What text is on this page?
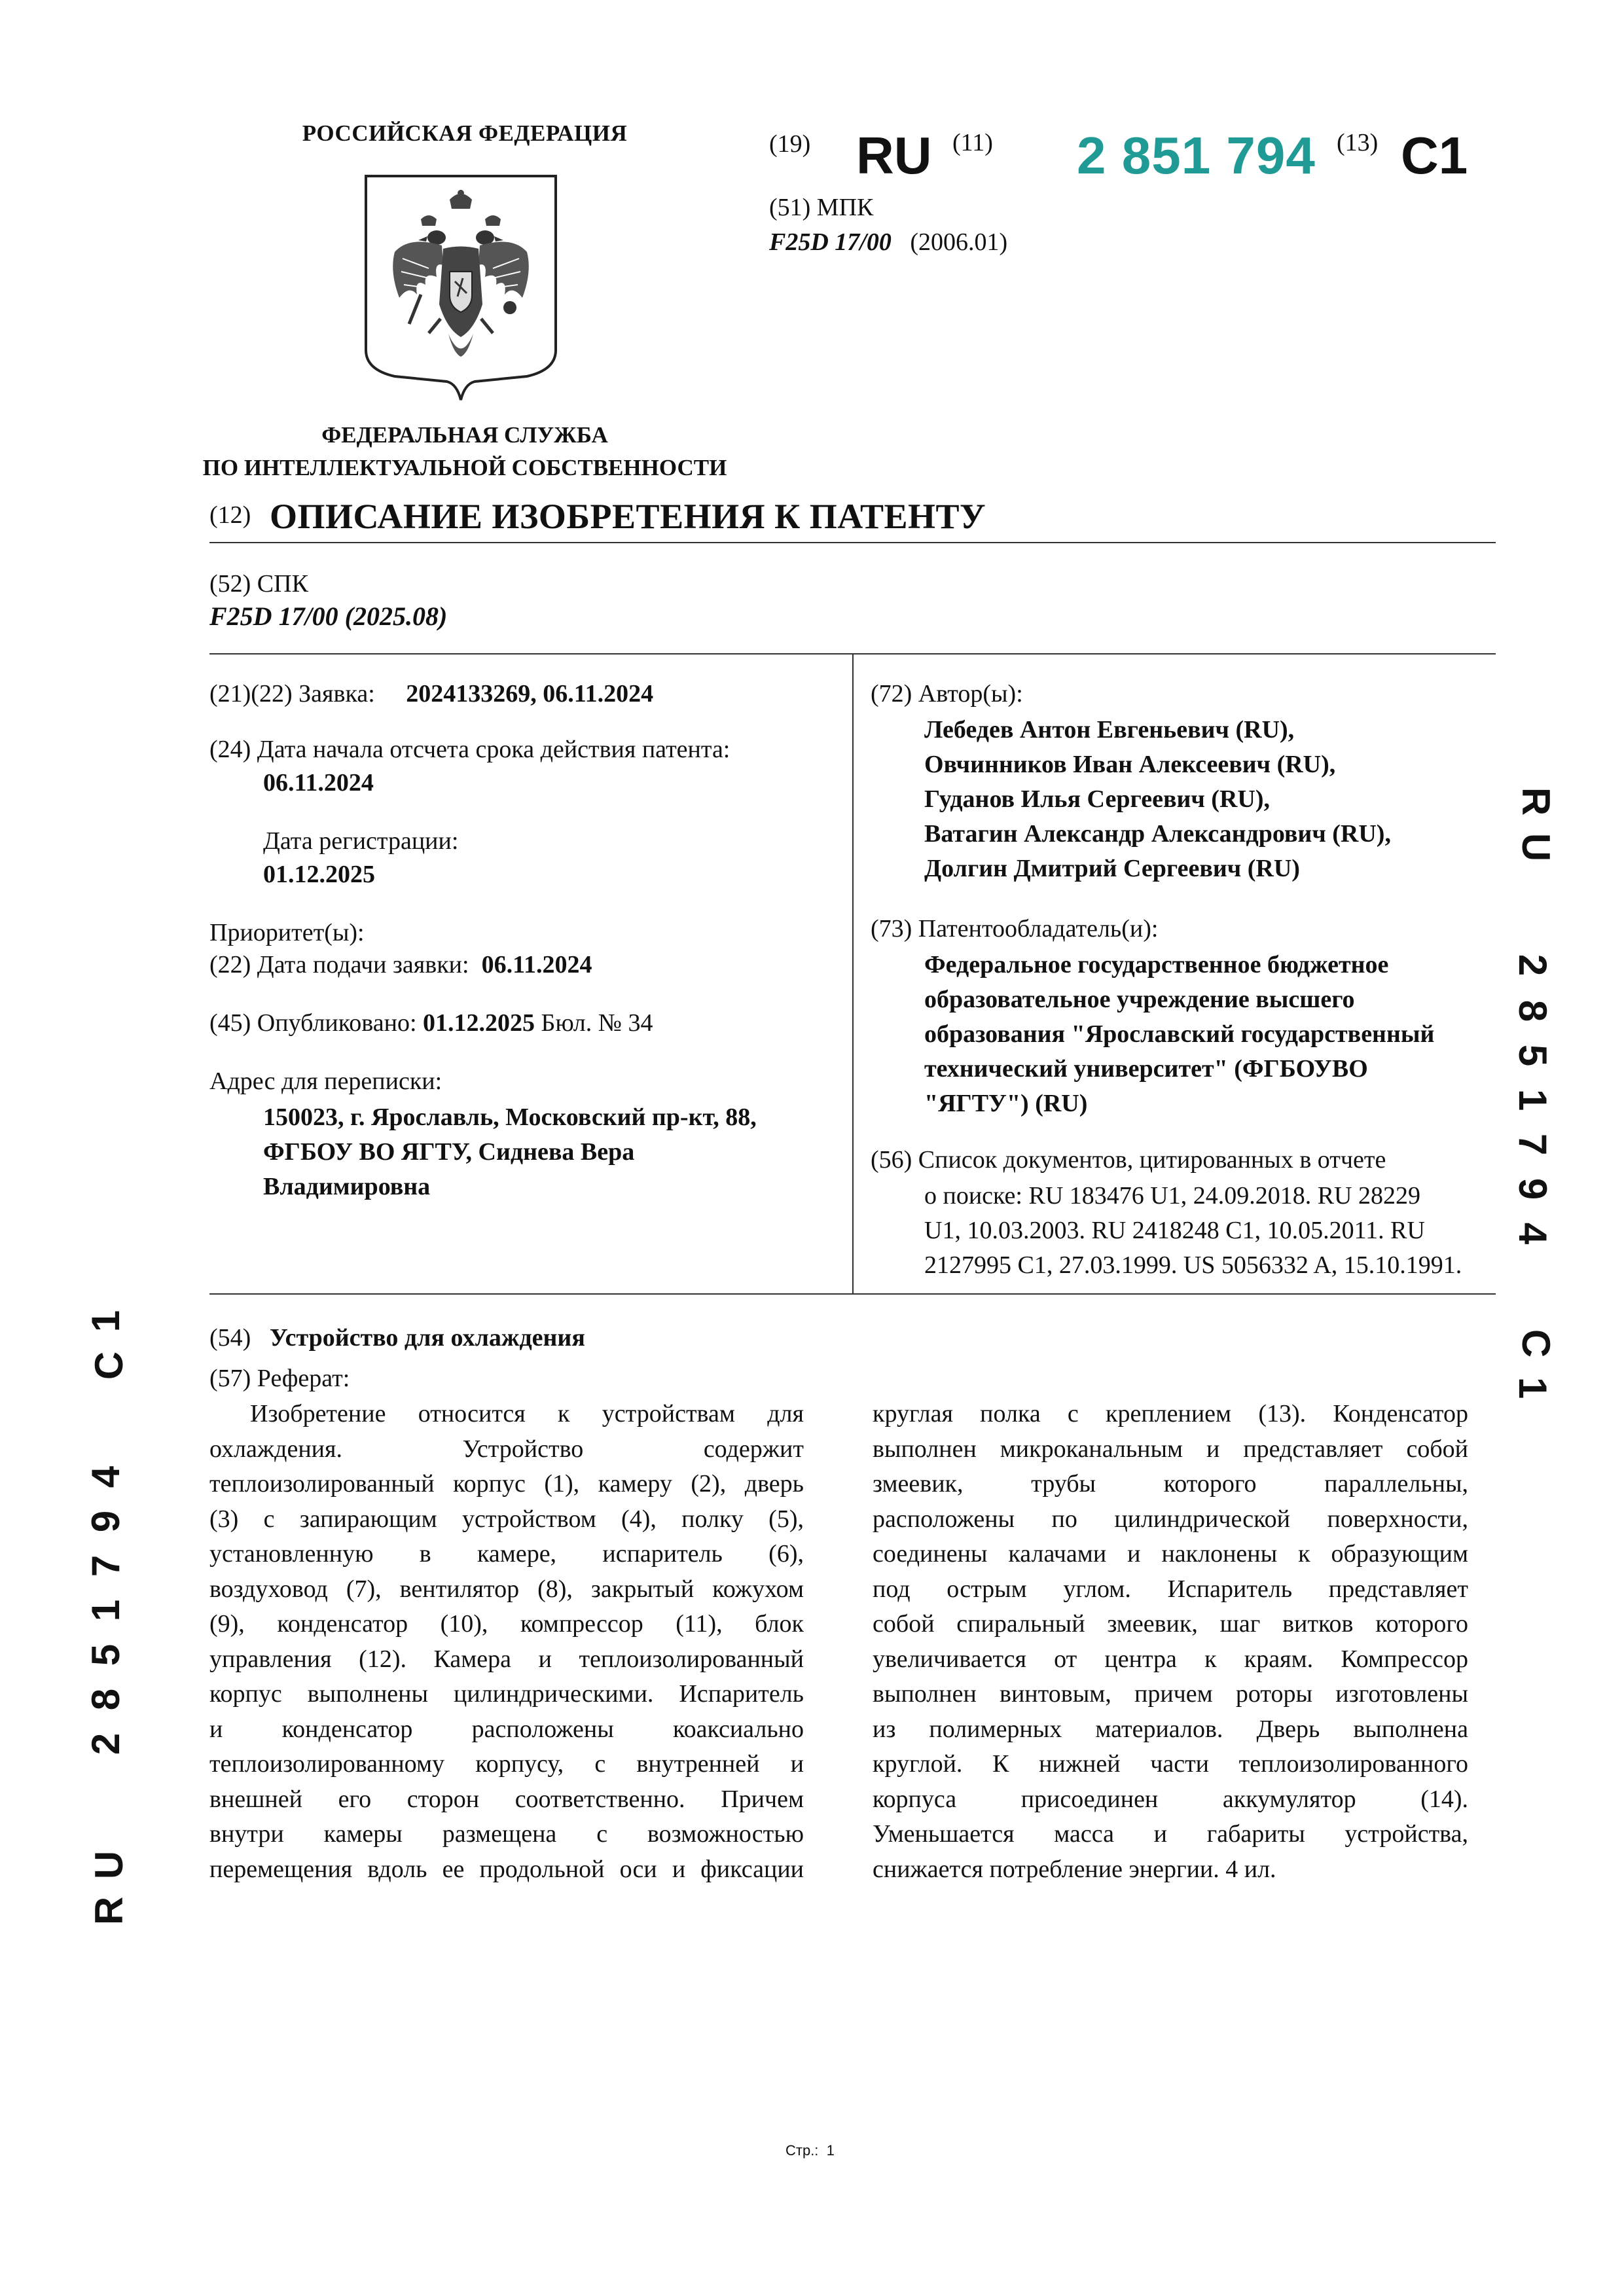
РОССИЙСКАЯ ФЕДЕРАЦИЯ
ФЕДЕРАЛЬНАЯ СЛУЖБА
ПО ИНТЕЛЛЕКТУАЛЬНОЙ СОБСТВЕННОСТИ
(19) RU (11) 2 851 794 (13) C1
(51) МПК
F25D 17/00 (2006.01)
(12) ОПИСАНИЕ ИЗОБРЕТЕНИЯ К ПАТЕНТУ
(52) СПК
F25D 17/00 (2025.08)
(21)(22) Заявка: 2024133269, 06.11.2024
(24) Дата начала отсчета срока действия патента:
06.11.2024
Дата регистрации:
01.12.2025
Приоритет(ы):
(22) Дата подачи заявки: 06.11.2024
(45) Опубликовано: 01.12.2025 Бюл. № 34
Адрес для переписки:
150023, г. Ярославль, Московский пр-кт, 88,
ФГБОУ ВО ЯГТУ, Сиднева Вера
Владимировна
(72) Автор(ы):
Лебедев Антон Евгеньевич (RU),
Овчинников Иван Алексеевич (RU),
Гуданов Илья Сергеевич (RU),
Ватагин Александр Александрович (RU),
Долгин Дмитрий Сергеевич (RU)
(73) Патентообладатель(и):
Федеральное государственное бюджетное
образовательное учреждение высшего
образования "Ярославский государственный
технический университет" (ФГБОУВО
"ЯГТУ") (RU)
(56) Список документов, цитированных в отчете
о поиске: RU 183476 U1, 24.09.2018. RU 28229
U1, 10.03.2003. RU 2418248 C1, 10.05.2011. RU
2127995 C1, 27.03.1999. US 5056332 A, 15.10.1991.
(54) Устройство для охлаждения
(57) Реферат:
Изобретение относится к устройствам для
охлаждения. Устройство содержит
теплоизолированный корпус (1), камеру (2), дверь
(3) с запирающим устройством (4), полку (5),
установленную в камере, испаритель (6),
воздуховод (7), вентилятор (8), закрытый кожухом
(9), конденсатор (10), компрессор (11), блок
управления (12). Камера и теплоизолированный
корпус выполнены цилиндрическими. Испаритель
и конденсатор расположены коаксиально
теплоизолированному корпусу, с внутренней и
внешней его сторон соответственно. Причем
внутри камеры размещена с возможностью
перемещения вдоль ее продольной оси и фиксации
круглая полка с креплением (13). Конденсатор
выполнен микроканальным и представляет собой
змеевик, трубы которого параллельны,
расположены по цилиндрической поверхности,
соединены калачами и наклонены к образующим
под острым углом. Испаритель представляет
собой спиральный змеевик, шаг витков которого
увеличивается от центра к краям. Компрессор
выполнен винтовым, причем роторы изготовлены
из полимерных материалов. Дверь выполнена
круглой. К нижней части теплоизолированного
корпуса присоединен аккумулятор (14).
Уменьшается масса и габариты устройства,
снижается потребление энергии. 4 ил.
R
U
2
8
5
1
7
9
4
C
1
R
U
2
8
5
1
7
9
4
C
1
Стр.: 1
